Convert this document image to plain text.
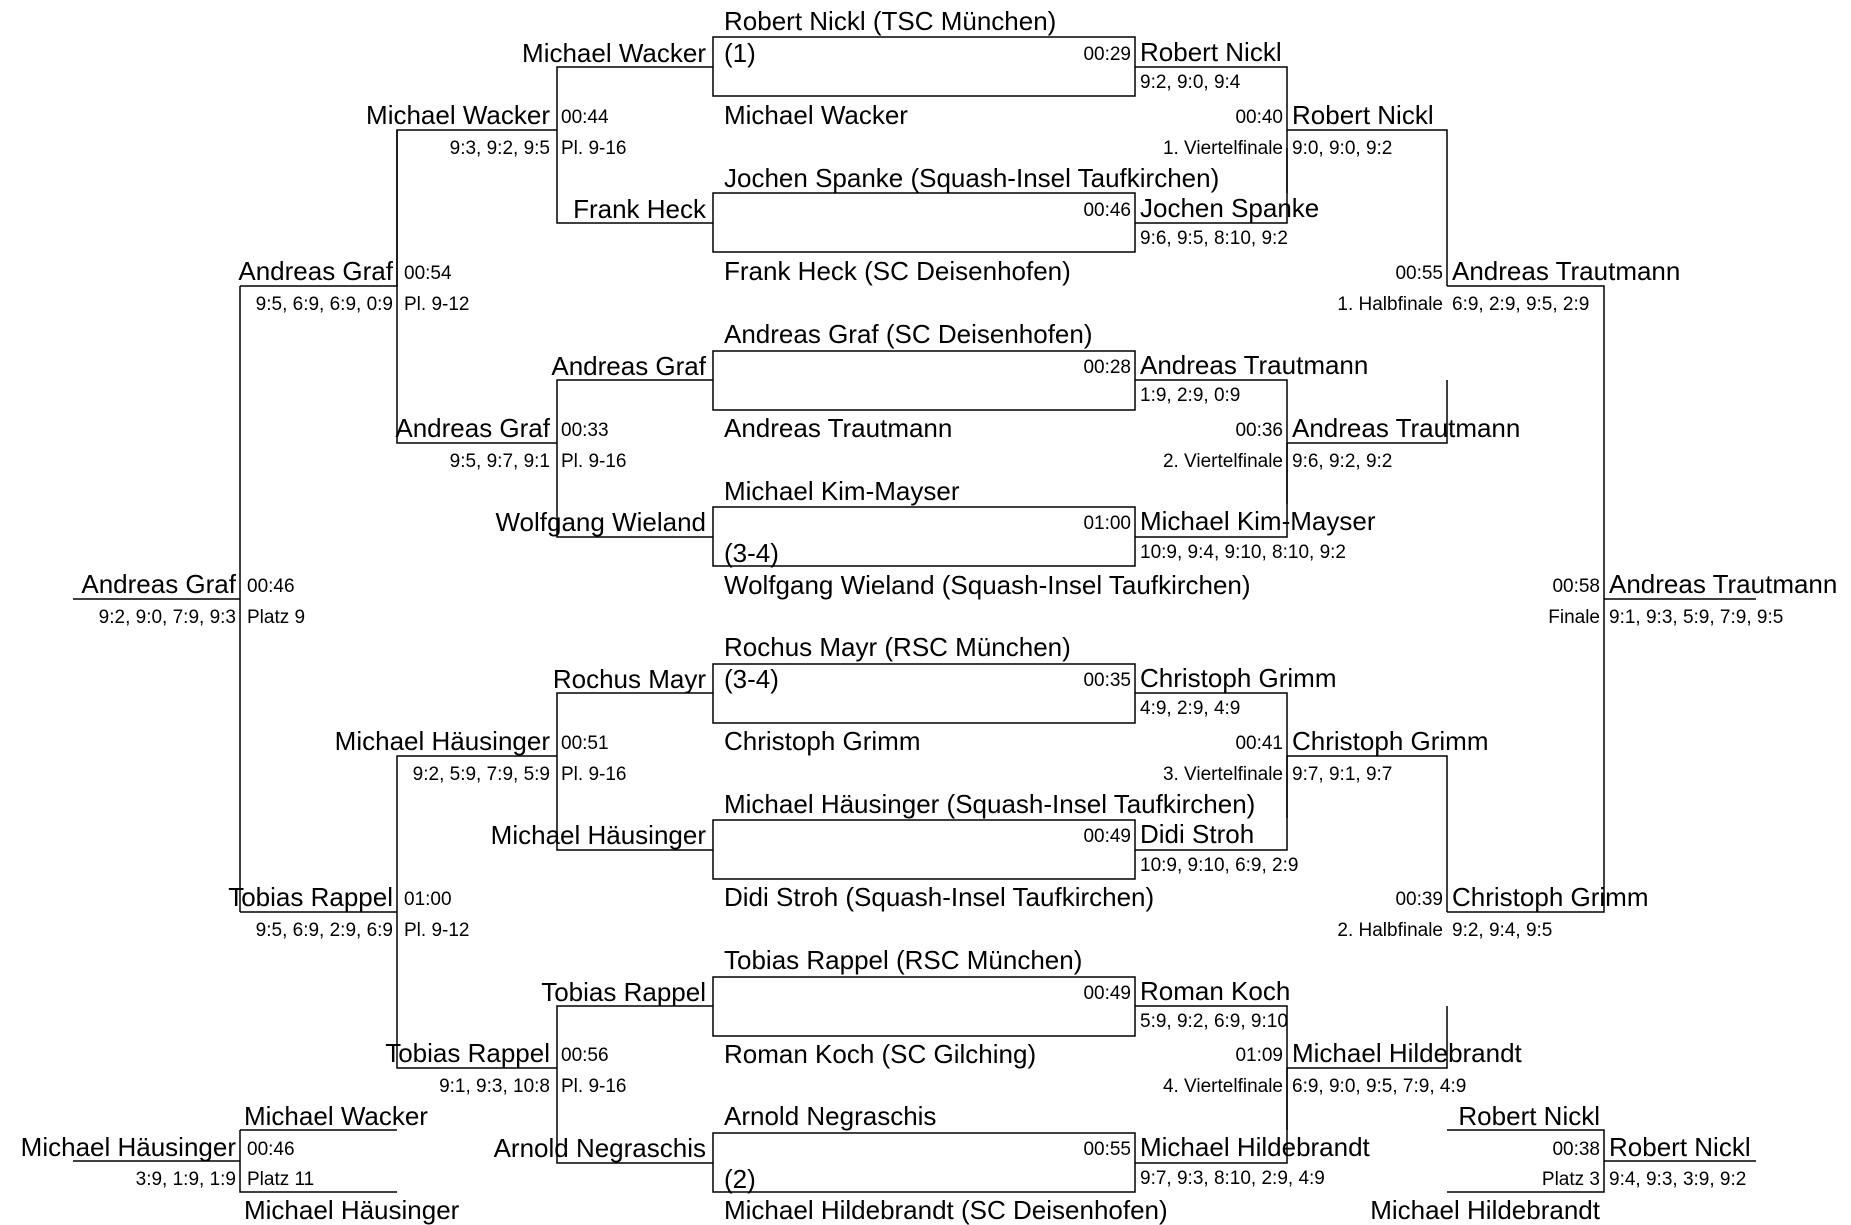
Robert Nickl (TSC München)
(1)
Michael Wacker
Jochen Spanke (Squash-Insel Taufkirchen)
Frank Heck (SC Deisenhofen)
Andreas Graf (SC Deisenhofen)
Andreas Trautmann
Michael Kim-Mayser
(3-4)
Wolfgang Wieland (Squash-Insel Taufkirchen)
Rochus Mayr (RSC München)
(3-4)
Christoph Grimm
Michael Häusinger (Squash-Insel Taufkirchen)
Didi Stroh (Squash-Insel Taufkirchen)
Tobias Rappel (RSC München)
Roman Koch (SC Gilching)
Arnold Negraschis
(2)
Michael Hildebrandt (SC Deisenhofen)
00:29 Robert Nickl
9:2, 9:0, 9:4
00:46 Jochen Spanke
9:6, 9:5, 8:10, 9:2
00:28 Andreas Trautmann
1:9, 2:9, 0:9
01:00 Michael Kim-Mayser
10:9, 9:4, 9:10, 8:10, 9:2
00:35 Christoph Grimm
4:9, 2:9, 4:9
00:49 Didi Stroh
10:9, 9:10, 6:9, 2:9
00:49 Roman Koch
5:9, 9:2, 6:9, 9:10
00:55 Michael Hildebrandt
9:7, 9:3, 8:10, 2:9, 4:9
00:40
1. Viertelfinale
Robert Nickl
9:0, 9:0, 9:2
00:36
2. Viertelfinale
Andreas Trautmann
9:6, 9:2, 9:2
00:41
3. Viertelfinale
Christoph Grimm
9:7, 9:1, 9:7
01:09
4. Viertelfinale
Michael Hildebrandt
6:9, 9:0, 9:5, 7:9, 4:9
00:55
1. Halbfinale
Andreas Trautmann
6:9, 2:9, 9:5, 2:9
00:39
2. Halbfinale
Christoph Grimm
9:2, 9:4, 9:5
00:58
Finale
Andreas Trautmann
9:1, 9:3, 5:9, 7:9, 9:5
Robert Nickl
Michael Hildebrandt
00:38
Platz 3
Robert Nickl
9:4, 9:3, 3:9, 9:2
Michael Wacker
Frank Heck
Andreas Graf
Wolfgang Wieland
Rochus Mayr
Michael Häusinger
Tobias Rappel
Arnold Negraschis
Michael Wacker 00:44
9:3, 9:2, 9:5 Pl. 9-16
Andreas Graf 00:33
9:5, 9:7, 9:1 Pl. 9-16
Michael Häusinger 00:51
9:2, 5:9, 7:9, 5:9 Pl. 9-16
Tobias Rappel 00:56
9:1, 9:3, 10:8 Pl. 9-16
Andreas Graf 00:54
9:5, 6:9, 6:9, 0:9 Pl. 9-12
Tobias Rappel 01:00
9:5, 6:9, 2:9, 6:9 Pl. 9-12
Andreas Graf 00:46
9:2, 9:0, 7:9, 9:3 Platz 9
Michael Wacker
Michael Häusinger
Michael Häusinger 00:46
3:9, 1:9, 1:9 Platz 11
